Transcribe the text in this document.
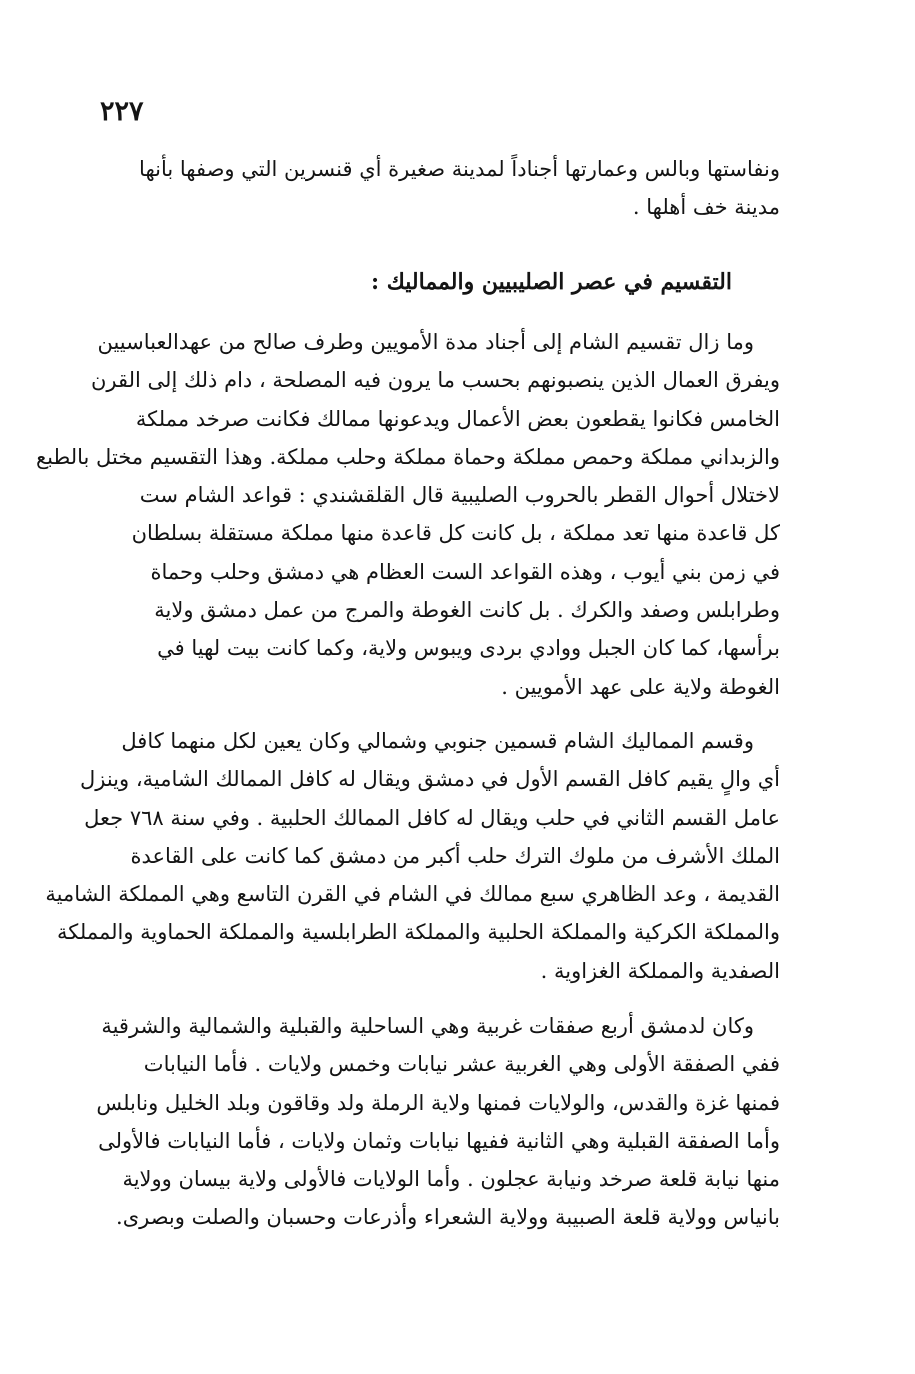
٢٢٧
ونفاستها وبالس وعمارتها أجناداً لمدينة صغيرة أي قنسرين التي وصفها بأنها
مدينة خف أهلها .
التقسيم في عصر الصليبيين والمماليك :
وما زال تقسيم الشام إلى أجناد مدة الأمويين وطرف صالح من عهدالعباسيين
ويفرق العمال الذين ينصبونهم بحسب ما يرون فيه المصلحة ، دام ذلك إلى القرن
الخامس فكانوا يقطعون بعض الأعمال ويدعونها ممالك فكانت صرخد مملكة
والزبداني مملكة وحمص مملكة وحماة مملكة وحلب مملكة. وهذا التقسيم مختل بالطبع
لاختلال أحوال القطر بالحروب الصليبية قال القلقشندي : قواعد الشام ست
كل قاعدة منها تعد مملكة ، بل كانت كل قاعدة منها مملكة مستقلة بسلطان
في زمن بني أيوب ، وهذه القواعد الست العظام هي دمشق وحلب وحماة
وطرابلس وصفد والكرك . بل كانت الغوطة والمرج من عمل دمشق ولاية
برأسها، كما كان الجبل ووادي بردى ويبوس ولاية، وكما كانت بيت لهيا في
الغوطة ولاية على عهد الأمويين .
وقسم المماليك الشام قسمين جنوبي وشمالي وكان يعين لكل منهما كافل
أي والٍ يقيم كافل القسم الأول في دمشق ويقال له كافل الممالك الشامية، وينزل
عامل القسم الثاني في حلب ويقال له كافل الممالك الحلبية . وفي سنة ٧٦٨ جعل
الملك الأشرف من ملوك الترك حلب أكبر من دمشق كما كانت على القاعدة
القديمة ، وعد الظاهري سبع ممالك في الشام في القرن التاسع وهي المملكة الشامية
والمملكة الكركية والمملكة الحلبية والمملكة الطرابلسية والمملكة الحماوية والمملكة
الصفدية والمملكة الغزاوية .
وكان لدمشق أربع صفقات غربية وهي الساحلية والقبلية والشمالية والشرقية
ففي الصفقة الأولى وهي الغربية عشر نيابات وخمس ولايات . فأما النيابات
فمنها غزة والقدس، والولايات فمنها ولاية الرملة ولد وقاقون وبلد الخليل ونابلس
وأما الصفقة القبلية وهي الثانية ففيها نيابات وثمان ولايات ، فأما النيابات فالأولى
منها نيابة قلعة صرخد ونيابة عجلون . وأما الولايات فالأولى ولاية بيسان وولاية
بانياس وولاية قلعة الصبيبة وولاية الشعراء وأذرعات وحسبان والصلت وبصرى.
